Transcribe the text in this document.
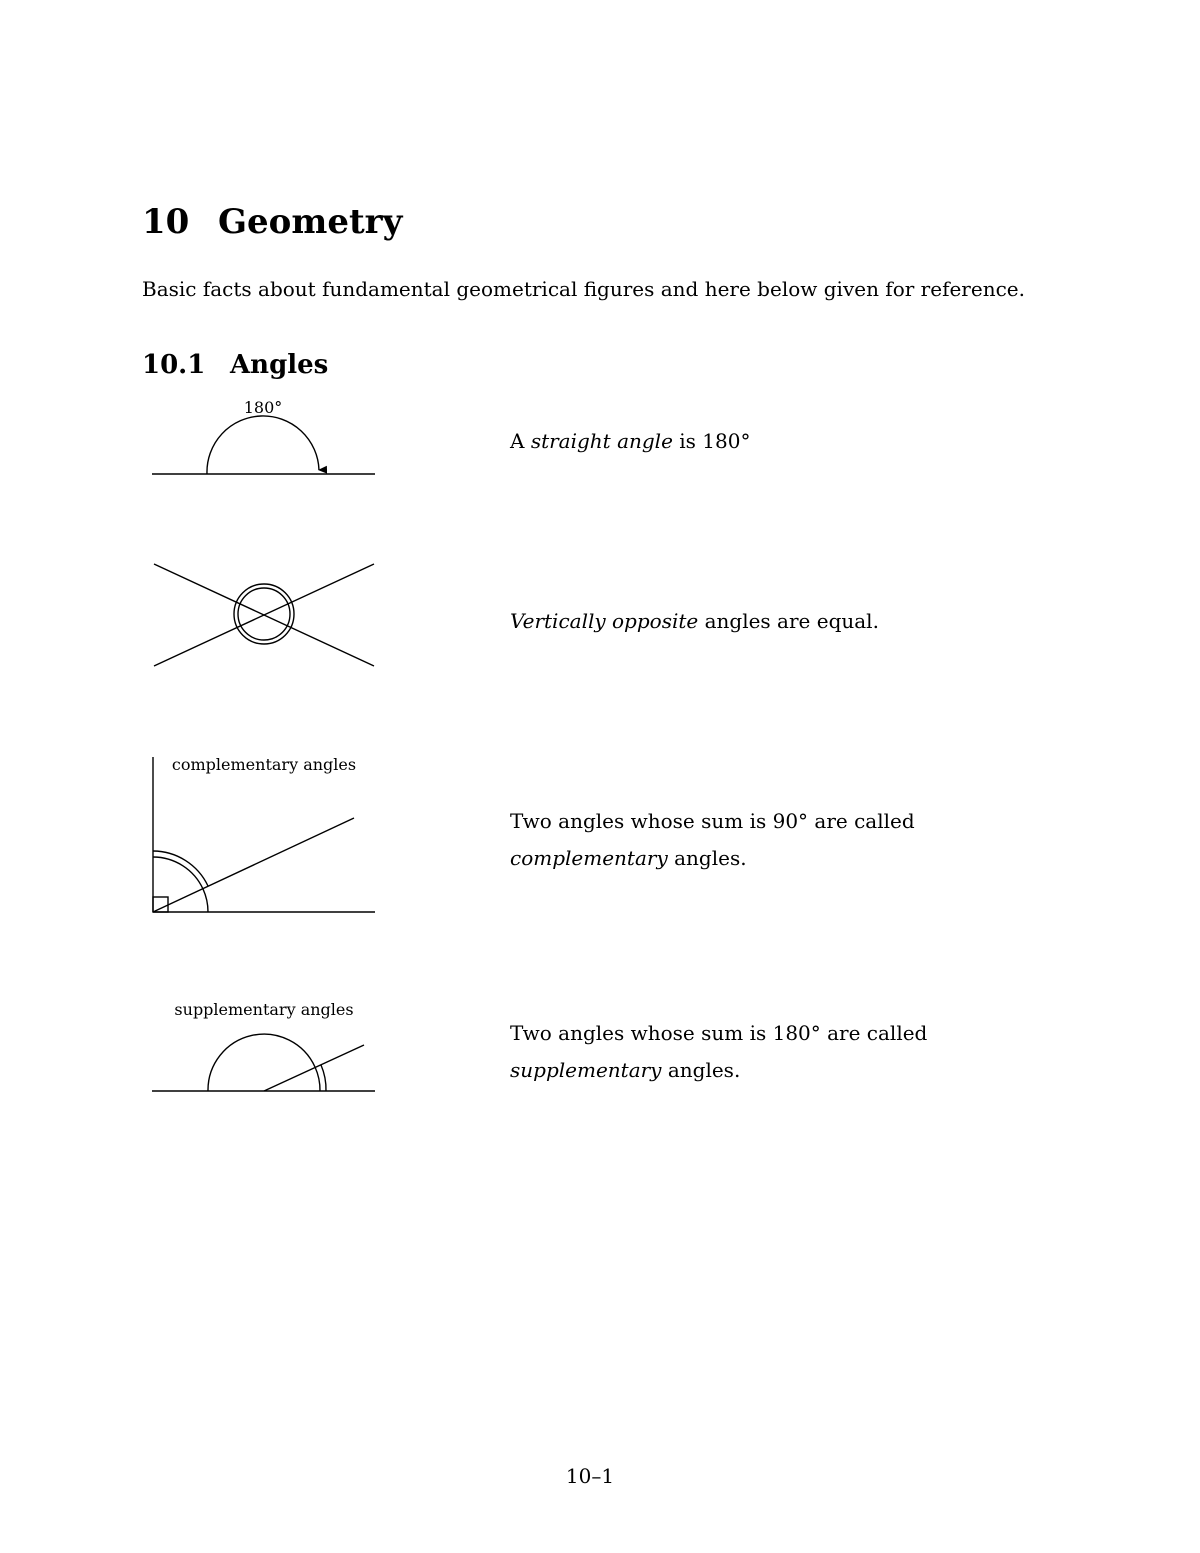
10 Geometry
Basic facts about fundamental geometrical figures and here below given for reference.
10.1 Angles
180°
complementary angles
supplementary angles
A straight angle is 180°
Vertically opposite angles are equal.
Two angles whose sum is 90° are called
complementary angles.
Two angles whose sum is 180° are called
supplementary angles.
10–1
